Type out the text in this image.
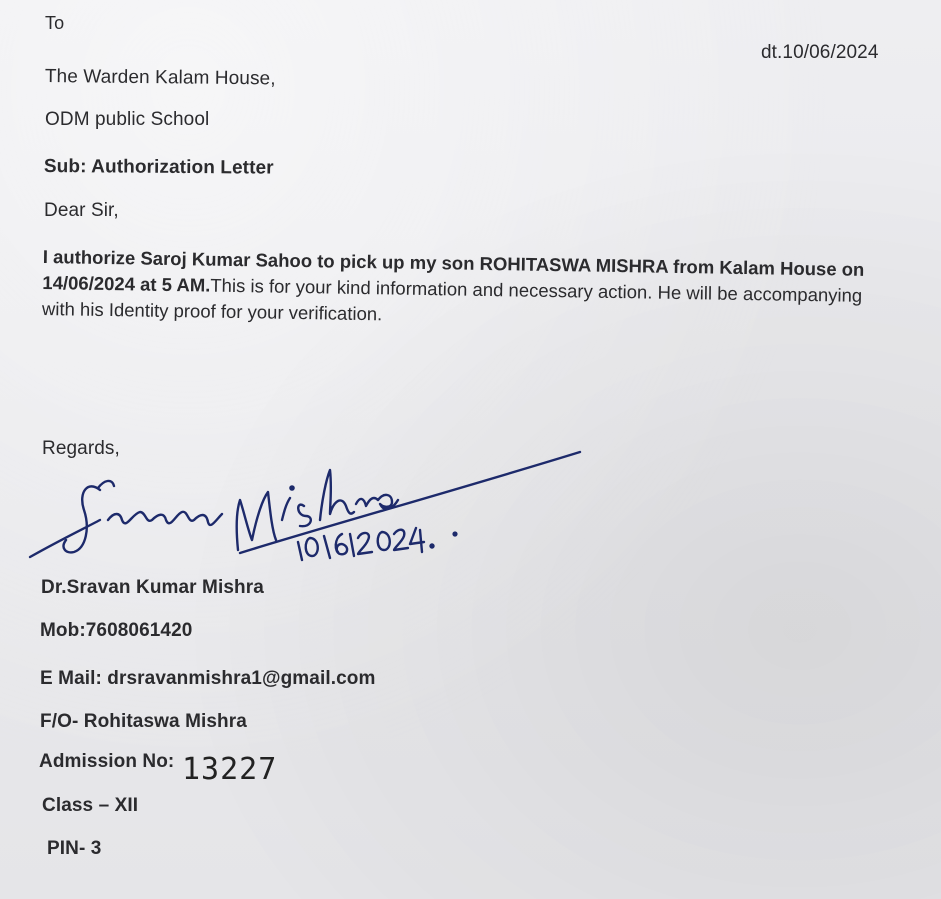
To
dt.10/06/2024
The Warden Kalam House,
ODM public School
Sub: Authorization Letter
Dear Sir,
I authorize Saroj Kumar Sahoo to pick up my son ROHITASWA MISHRA from Kalam House on
14/06/2024 at 5 AM.This is for your kind information and necessary action. He will be accompanying
with his Identity proof for your verification.
Regards,
Dr.Sravan Kumar Mishra
Mob:7608061420
E Mail: drsravanmishra1@gmail.com
F/O- Rohitaswa Mishra
Admission No: 13227
Class – XII
PIN- 3
